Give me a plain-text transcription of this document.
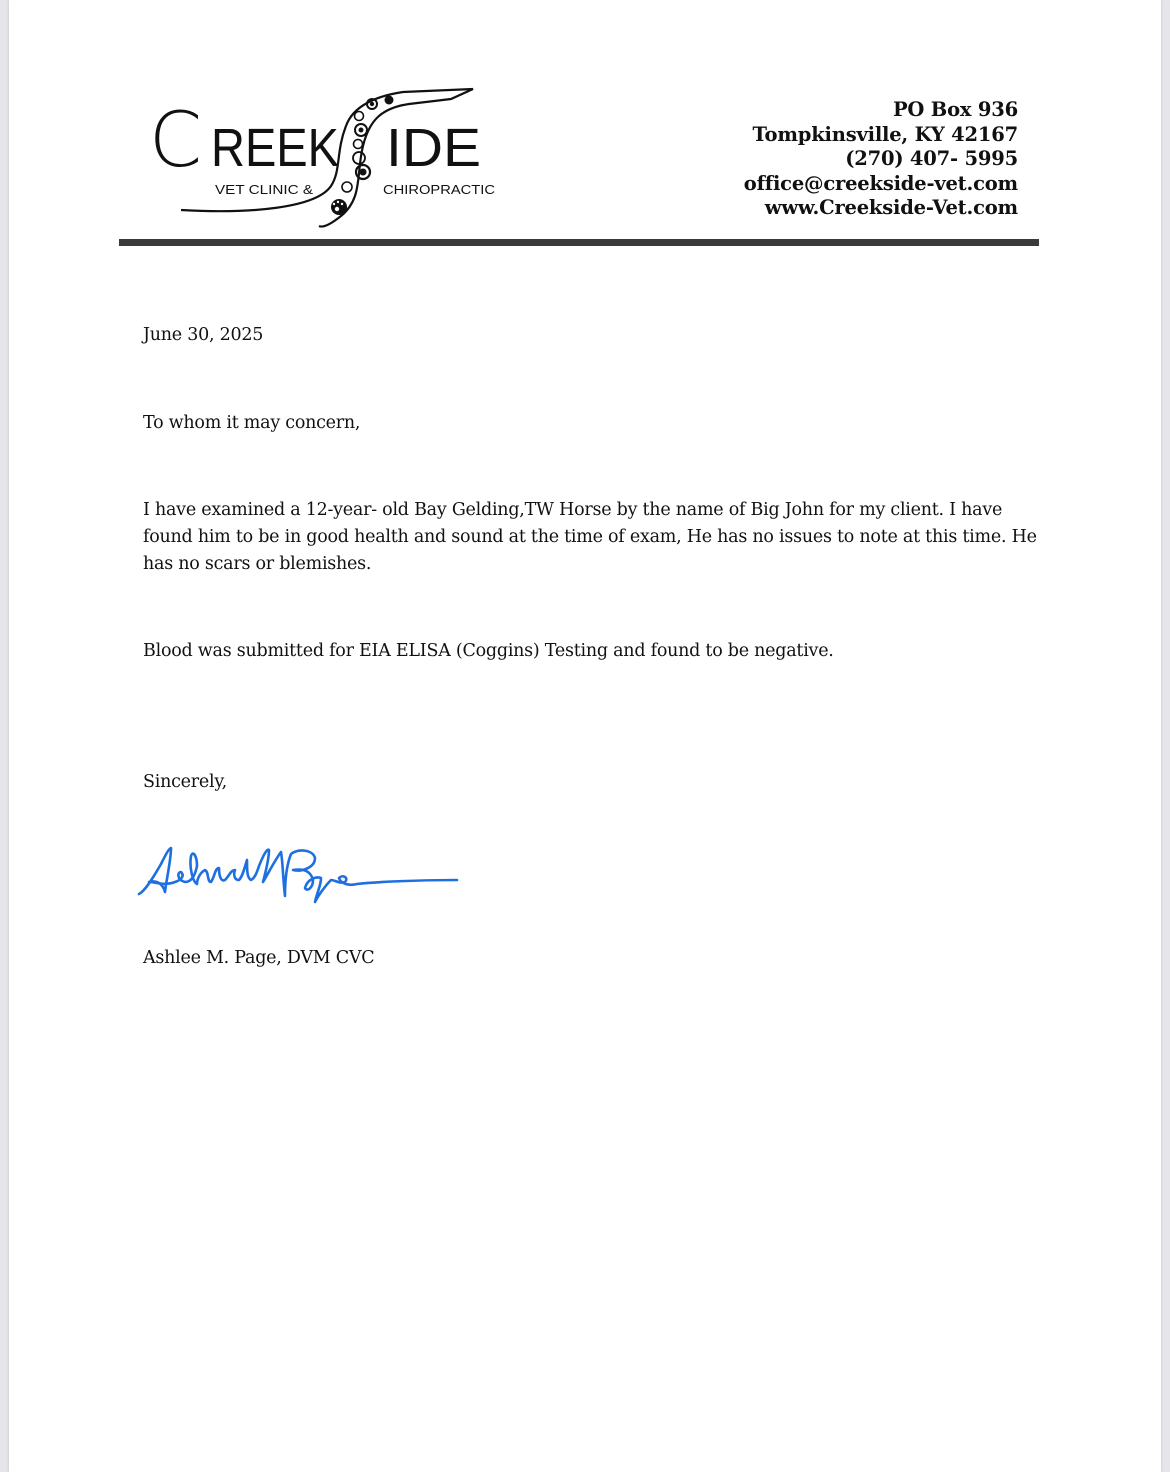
C REEK IDE
VET CLINIC &	CHIROPRACTIC
PO Box 936
Tompkinsville, KY 42167
(270) 407- 5995
office@creekside-vet.com
www.Creekside-Vet.com
June 30, 2025
To whom it may concern,
I have examined a 12-year- old Bay Gelding,TW Horse by the name of Big John for my client. I have found him to be in good health and sound at the time of exam, He has no issues to note at this time. He has no scars or blemishes.
Blood was submitted for EIA ELISA (Coggins) Testing and found to be negative.
Sincerely,
Ashlee M. Page, DVM CVC
